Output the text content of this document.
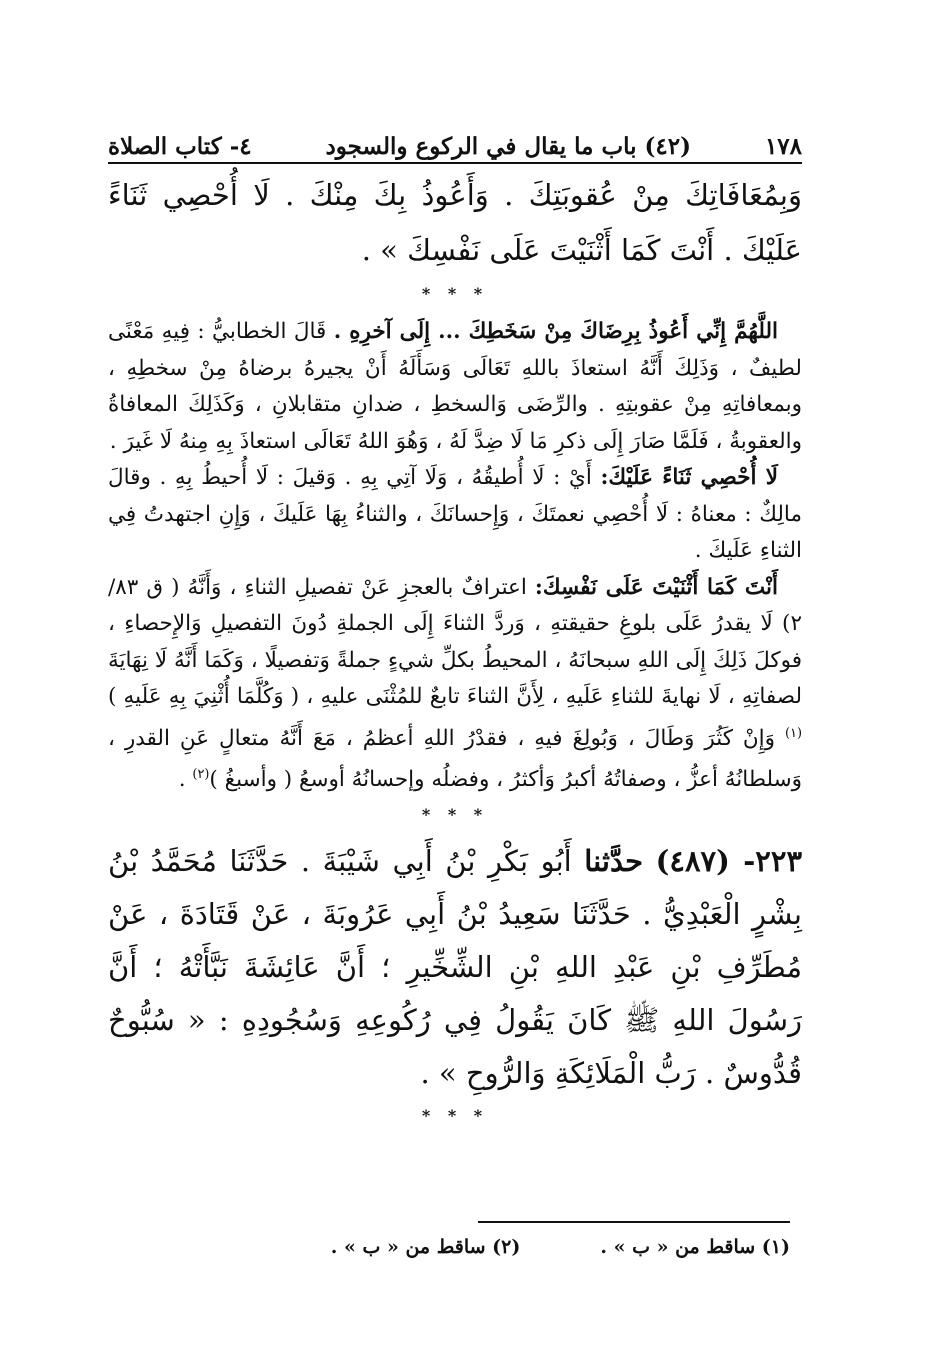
١٧٨
(٤٢) باب ما يقال في الركوع والسجود
٤- كتاب الصلاة

وَبِمُعَافَاتِكَ مِنْ عُقوبَتِكَ . وَأَعُوذُ بِكَ مِنْكَ . لَا أُحْصِي ثَنَاءً عَلَيْكَ . أَنْتَ كَمَا أَثْنَيْتَ عَلَى نَفْسِكَ » .

* * *

اللَّهُمَّ إِنِّي أَعُوذُ بِرِضَاكَ مِنْ سَخَطِكَ ... إِلَى آخرِهِ . قَالَ الخطابيُّ : فِيهِ مَعْنًى لطيفٌ ، وَذَلِكَ أَنَّهُ استعاذَ باللهِ تَعَالَى وَسَأَلَهُ أَنْ يجيرهُ برضاهُ مِنْ سخطِهِ ، وبمعافاتِهِ مِنْ عقوبتِهِ . والرِّضَى وَالسخطِ ، ضدانِ متقابلانِ ، وَكَذَلِكَ المعافاةُ والعقوبةُ ، فَلَمَّا صَارَ إِلَى ذكرِ مَا لَا ضِدَّ لَهُ ، وَهُوَ اللهُ تَعَالَى استعاذَ بِهِ مِنهُ لَا غَيرَ .

لَا أُحْصِي ثَنَاءً عَلَيْكَ: أَيْ : لَا أُطيقُهُ ، وَلَا آتِي بِهِ . وَقيلَ : لَا أُحيطُ بِهِ . وقالَ مالِكٌ : معناهُ : لَا أُحْصِي نعمتَكَ ، وَإِحسانَكَ ، والثناءُ بِهَا عَلَيكَ ، وَإِنِ اجتهدتُ فِي الثناءِ عَلَيكَ .

أَنْتَ كَمَا أَثْنَيْتَ عَلَى نَفْسِكَ: اعترافٌ بالعجزِ عَنْ تفصيلِ الثناءِ ، وَأَنَّهُ ( ق ٨٣/ ٢) لَا يقدرُ عَلَى بلوغِ حقيقتهِ ، وَردَّ الثناءَ إِلَى الجملةِ دُونَ التفصيلِ وَالإِحصاءِ ، فوكلَ ذَلِكَ إِلَى اللهِ سبحانَهُ ، المحيطُ بكلِّ شيءٍ جملةً وَتفصيلًا ، وَكَمَا أَنَّهُ لَا نِهَايَةَ لصفاتِهِ ، لَا نهايةَ للثناءِ عَلَيهِ ، لِأَنَّ الثناءَ تابعٌ للمُثْنَى عليهِ ، ( وَكُلَّمَا أُثْنِيَ بِهِ عَلَيهِ )$^{(١)}$ وَإِنْ كَثُرَ وَطَالَ ، وَبُولِغَ فيهِ ، فقدْرُ اللهِ أعظمُ ، مَعَ أَنَّهُ متعالٍ عَنِ القدرِ ، وَسلطانُهُ أعزُّ ، وصفاتُهُ أكبرُ وَأكثرُ ، وفضلُه وإحسانُهُ أوسعُ ( وأسبغُ )$^{(٢)}$ .

* * *

٢٢٣- (٤٨٧) حدَّثنا أَبُو بَكْرِ بْنُ أَبِي شَيْبَةَ . حَدَّثَنَا مُحَمَّدُ بْنُ بِشْرٍ الْعَبْدِيُّ . حَدَّثَنَا سَعِيدُ بْنُ أَبِي عَرُوبَةَ ، عَنْ قَتَادَةَ ، عَنْ مُطَرِّفِ بْنِ عَبْدِ اللهِ بْنِ الشِّخِّيرِ ؛ أَنَّ عَائِشَةَ نَبَّأَتْهُ ؛ أَنَّ رَسُولَ اللهِ ﷺ كَانَ يَقُولُ فِي رُكُوعِهِ وَسُجُودِهِ : « سُبُّوحٌ قُدُّوسٌ . رَبُّ الْمَلَائِكَةِ وَالرُّوحِ » .

* * *

(١) ساقط من « ب » .
(٢) ساقط من « ب » .
